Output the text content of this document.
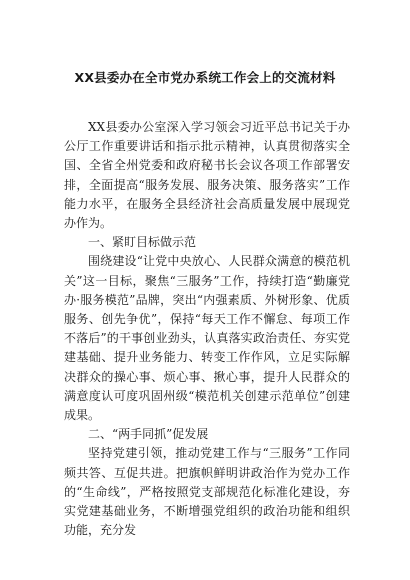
XX县委办在全市党办系统工作会上的交流材料

XX县委办公室深入学习领会习近平总书记关于办公厅工作重要讲话和指示批示精神，认真贯彻落实全国、全省全州党委和政府秘书长会议各项工作部署安排，全面提高“服务发展、服务决策、服务落实”工作能力水平，在服务全县经济社会高质量发展中展现党办作为。

一、紧盯目标做示范

围绕建设“让党中央放心、人民群众满意的模范机关”这一目标，聚焦“三服务”工作，持续打造“勤廉党办·服务模范”品牌，突出“内强素质、外树形象、优质服务、创先争优”，保持“每天工作不懈怠、每项工作不落后”的干事创业劲头，认真落实政治责任、夯实党建基础、提升业务能力、转变工作作风，立足实际解决群众的操心事、烦心事、揪心事，提升人民群众的满意度认可度巩固州级“模范机关创建示范单位”创建成果。

二、“两手同抓”促发展

坚持党建引领，推动党建工作与“三服务”工作同频共答、互促共进。把旗帜鲜明讲政治作为党办工作的“生命线”，严格按照党支部规范化标准化建设，夯实党建基础业务，不断增强党组织的政治功能和组织功能，充分发
